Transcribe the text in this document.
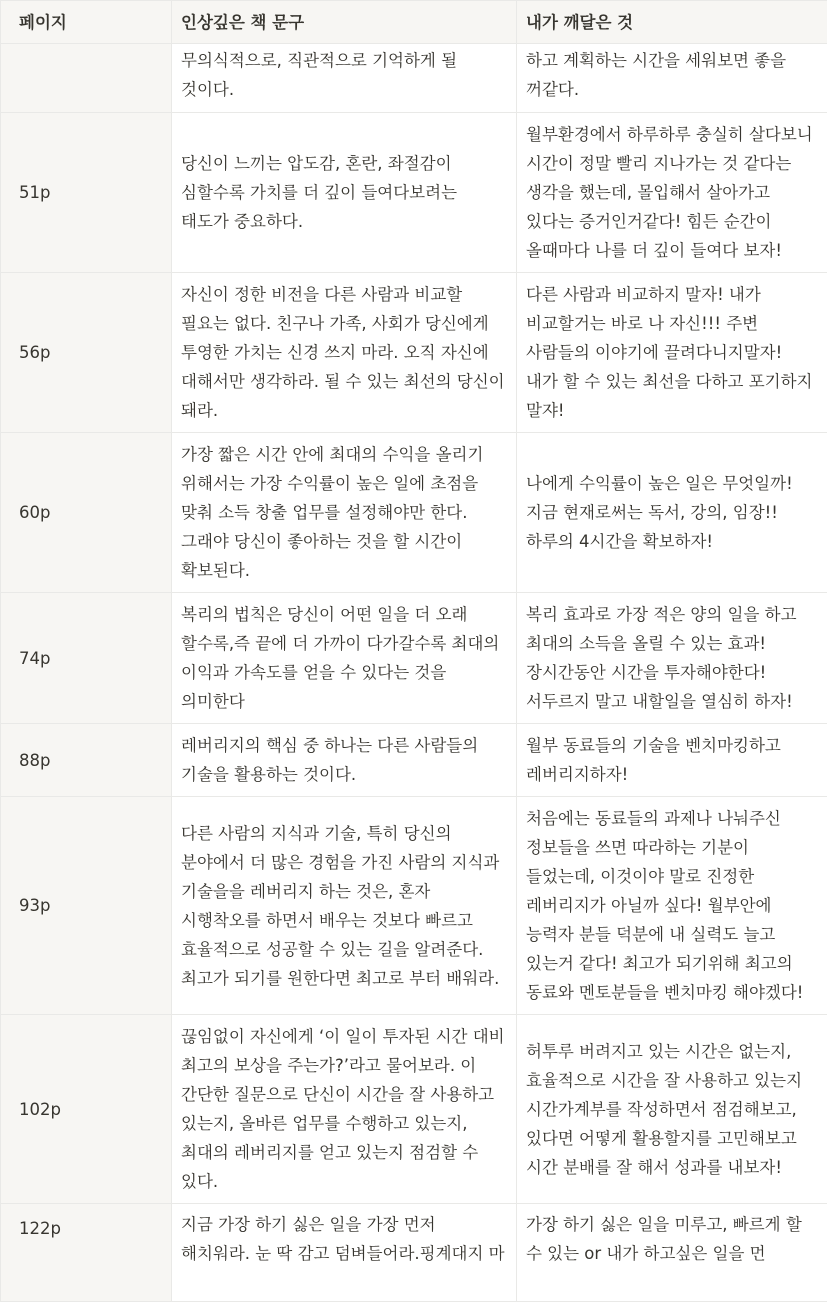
페이지	인상깊은 책 문구	내가 깨달은 것
	무의식적으로, 직관적으로 기억하게 될 것이다.	하고 계획하는 시간을 세워보면 좋을 꺼같다.
51p	당신이 느끼는 압도감, 혼란, 좌절감이 심할수록 가치를 더 깊이 들여다보려는 태도가 중요하다.	월부환경에서 하루하루 충실히 살다보니 시간이 정말 빨리 지나가는 것 같다는 생각을 했는데, 몰입해서 살아가고 있다는 증거인거같다! 힘든 순간이 올때마다 나를 더 깊이 들여다 보자!
56p	자신이 정한 비전을 다른 사람과 비교할 필요는 없다. 친구나 가족, 사회가 당신에게 투영한 가치는 신경 쓰지 마라. 오직 자신에 대해서만 생각하라. 될 수 있는 최선의 당신이 돼라.	다른 사람과 비교하지 말자! 내가 비교할거는 바로 나 자신!!! 주변 사람들의 이야기에 끌려다니지말자! 내가 할 수 있는 최선을 다하고 포기하지 말쟈!
60p	가장 짧은 시간 안에 최대의 수익을 올리기 위해서는 가장 수익률이 높은 일에 초점을 맞춰 소득 창출 업무를 설정해야만 한다. 그래야 당신이 좋아하는 것을 할 시간이 확보된다.	나에게 수익률이 높은 일은 무엇일까! 지금 현재로써는 독서, 강의, 임장!! 하루의 4시간을 확보하자!
74p	복리의 법칙은 당신이 어떤 일을 더 오래 할수록,즉 끝에 더 가까이 다가갈수록 최대의 이익과 가속도를 얻을 수 있다는 것을 의미한다	복리 효과로 가장 적은 양의 일을 하고 최대의 소득을 올릴 수 있는 효과! 장시간동안 시간을 투자해야한다! 서두르지 말고 내할일을 열심히 하자!
88p	레버리지의 핵심 중 하나는 다른 사람들의 기술을 활용하는 것이다.	월부 동료들의 기술을 벤치마킹하고 레버리지하자!
93p	다른 사람의 지식과 기술, 특히 당신의 분야에서 더 많은 경험을 가진 사람의 지식과 기술을을 레버리지 하는 것은, 혼자 시행착오를 하면서 배우는 것보다 빠르고 효율적으로 성공할 수 있는 길을 알려준다. 최고가 되기를 원한다면 최고로 부터 배워라.	처음에는 동료들의 과제나 나눠주신 정보들을 쓰면 따라하는 기분이 들었는데, 이것이야 말로 진정한 레버리지가 아닐까 싶다! 월부안에 능력자 분들 덕분에 내 실력도 늘고 있는거 같다! 최고가 되기위해 최고의 동료와 멘토분들을 벤치마킹 해야겠다!
102p	끊임없이 자신에게 ‘이 일이 투자된 시간 대비 최고의 보상을 주는가?’라고 물어보라. 이 간단한 질문으로 단신이 시간을 잘 사용하고 있는지, 올바른 업무를 수행하고 있는지, 최대의 레버리지를 얻고 있는지 점검할 수 있다.	허투루 버려지고 있는 시간은 없는지, 효율적으로 시간을 잘 사용하고 있는지 시간가계부를 작성하면서 점검해보고, 있다면 어떻게 활용할지를 고민해보고 시간 분배를 잘 해서 성과를 내보자!
122p	지금 가장 하기 싫은 일을 가장 먼저 해치워라. 눈 딱 감고 덤벼들어라.핑계대지 마	가장 하기 싫은 일을 미루고, 빠르게 할 수 있는 or 내가 하고싶은 일을 먼
